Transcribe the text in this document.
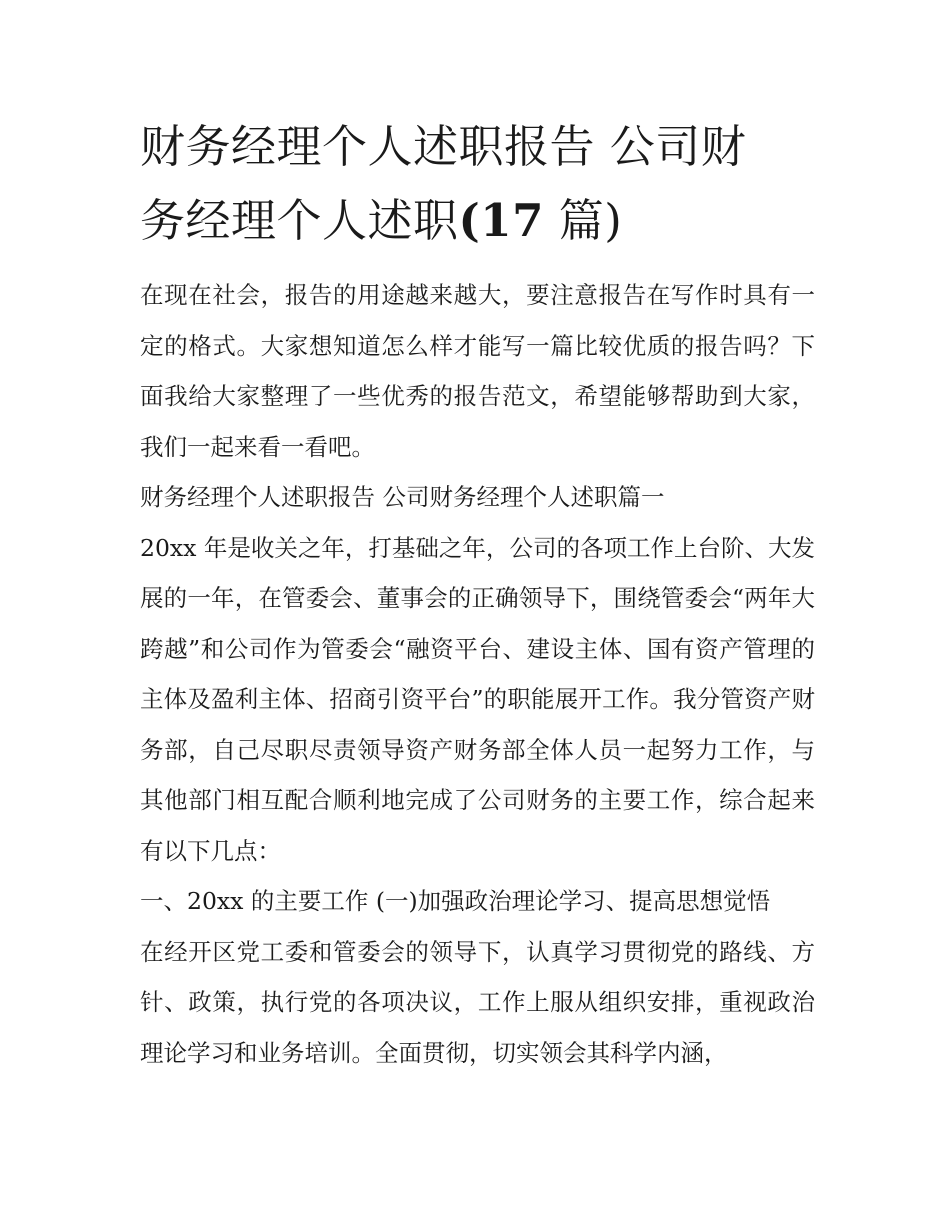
财务经理个人述职报告 公司财
务经理个人述职(17 篇)

在现在社会，报告的用途越来越大，要注意报告在写作时具有一定的格式。大家想知道怎么样才能写一篇比较优质的报告吗？下面我给大家整理了一些优秀的报告范文，希望能够帮助到大家，我们一起来看一看吧。

财务经理个人述职报告 公司财务经理个人述职篇一

20xx 年是收关之年，打基础之年，公司的各项工作上台阶、大发展的一年，在管委会、董事会的正确领导下，围绕管委会“两年大跨越”和公司作为管委会“融资平台、建设主体、国有资产管理的主体及盈利主体、招商引资平台”的职能展开工作。我分管资产财务部，自己尽职尽责领导资产财务部全体人员一起努力工作，与其他部门相互配合顺利地完成了公司财务的主要工作，综合起来有以下几点：

一、20xx 的主要工作 (一)加强政治理论学习、提高思想觉悟

在经开区党工委和管委会的领导下，认真学习贯彻党的路线、方针、政策，执行党的各项决议，工作上服从组织安排，重视政治理论学习和业务培训。全面贯彻，切实领会其科学内涵，
